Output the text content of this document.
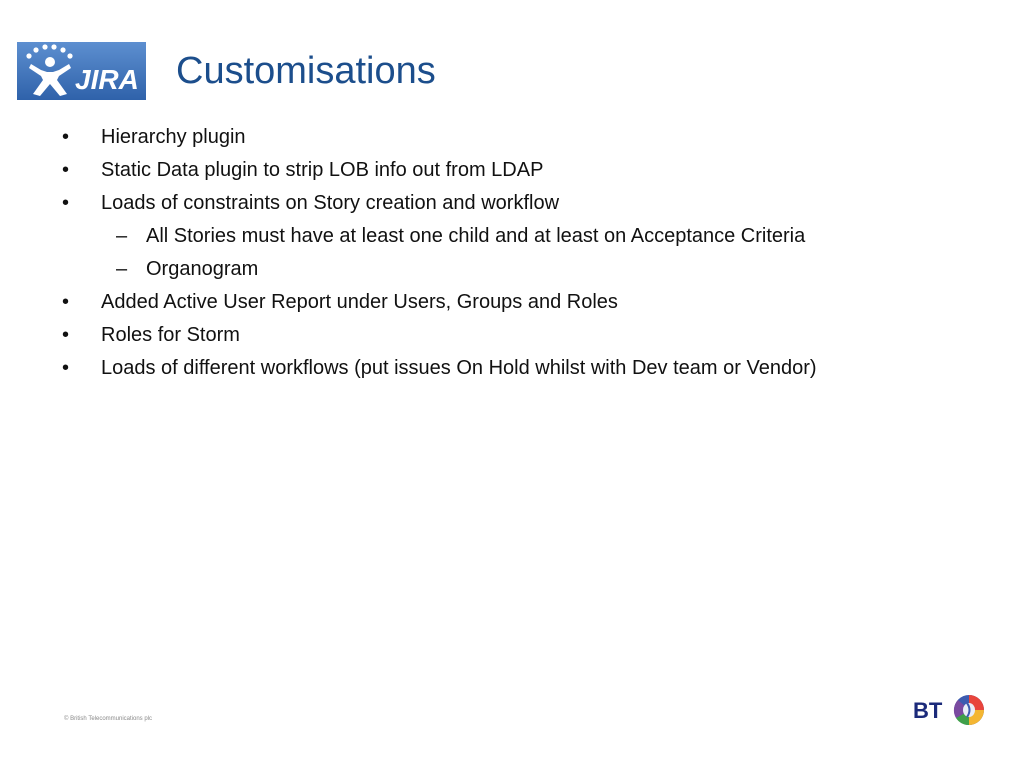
JIRA Customisations
• Hierarchy plugin
• Static Data plugin to strip LOB info out from LDAP
• Loads of constraints on Story creation and workflow
– All Stories must have at least one child and at least on Acceptance Criteria
– Organogram
• Added Active User Report under Users, Groups and Roles
• Roles for Storm
• Loads of different workflows (put issues On Hold whilst with Dev team or Vendor)
© British Telecommunications plc	BT
